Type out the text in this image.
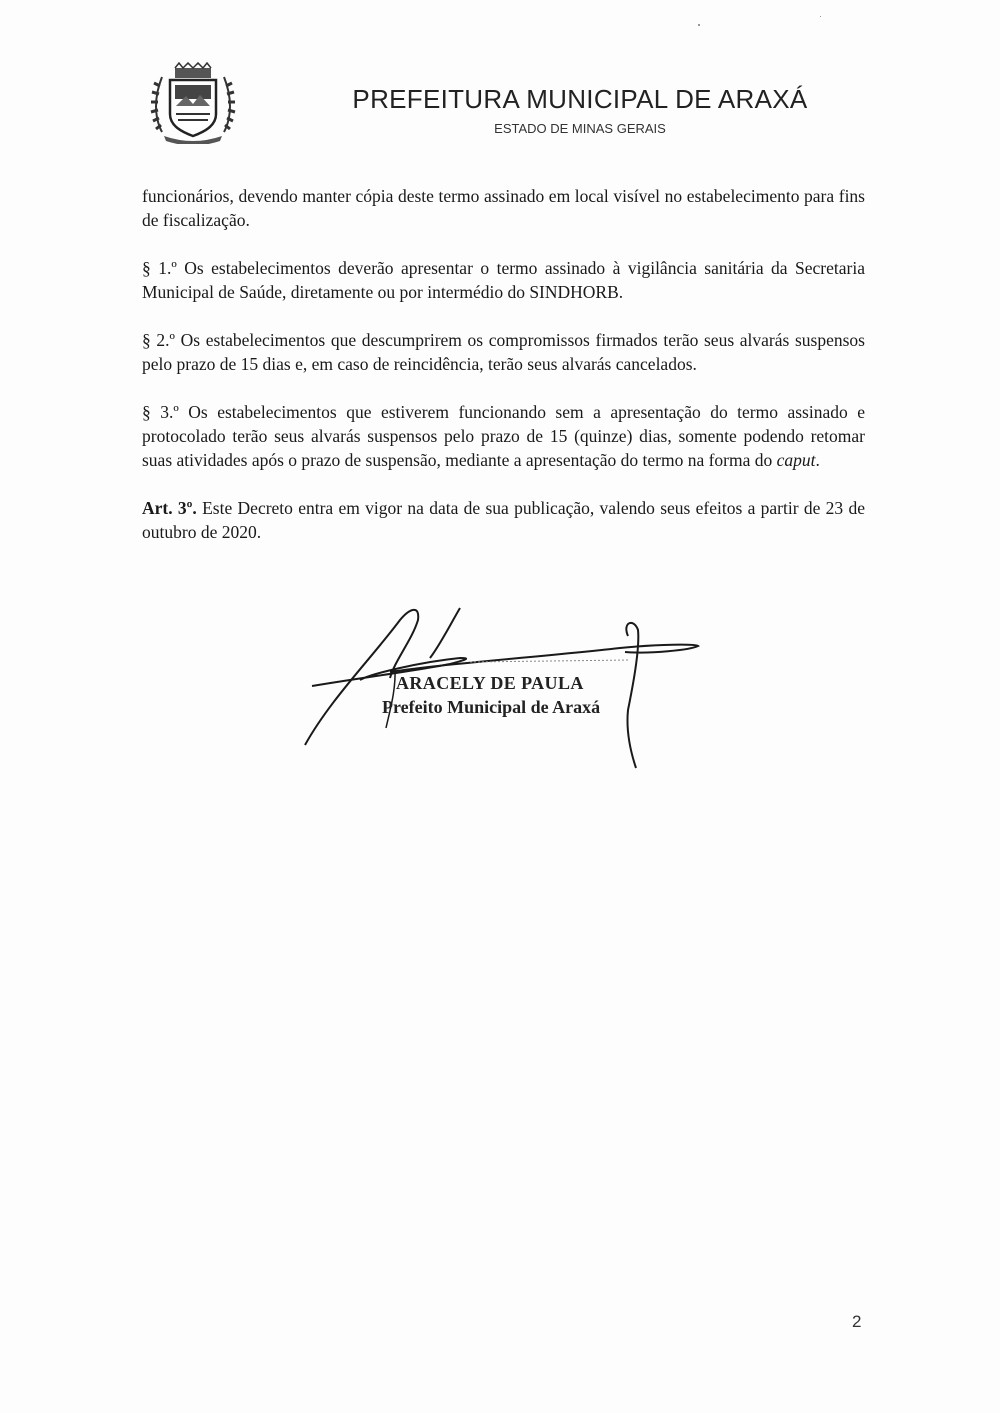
PREFEITURA MUNICIPAL DE ARAXÁ
ESTADO DE MINAS GERAIS

funcionários, devendo manter cópia deste termo assinado em local visível no estabelecimento para fins de fiscalização.

§ 1.º Os estabelecimentos deverão apresentar o termo assinado à vigilância sanitária da Secretaria Municipal de Saúde, diretamente ou por intermédio do SINDHORB.

§ 2.º Os estabelecimentos que descumprirem os compromissos firmados terão seus alvarás suspensos pelo prazo de 15 dias e, em caso de reincidência, terão seus alvarás cancelados.

§ 3.º Os estabelecimentos que estiverem funcionando sem a apresentação do termo assinado e protocolado terão seus alvarás suspensos pelo prazo de 15 (quinze) dias, somente podendo retomar suas atividades após o prazo de suspensão, mediante a apresentação do termo na forma do caput.

Art. 3º. Este Decreto entra em vigor na data de sua publicação, valendo seus efeitos a partir de 23 de outubro de 2020.

ARACELY DE PAULA
Prefeito Municipal de Araxá
2
